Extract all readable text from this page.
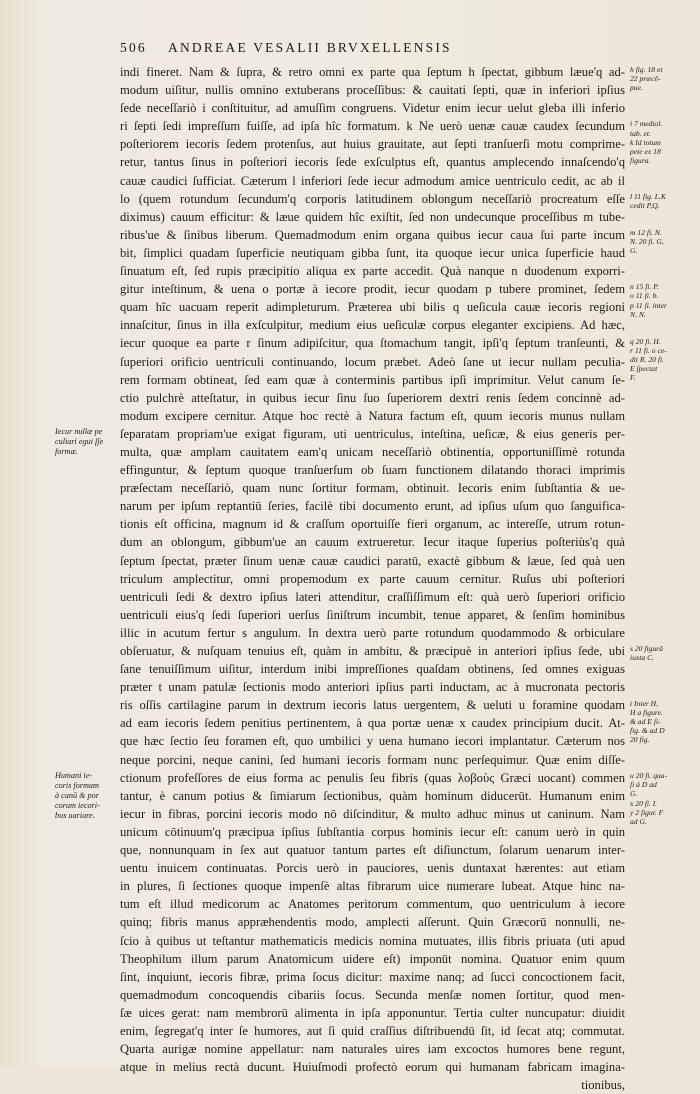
506 ANDREAE VESALII BRVXELLENSIS
indi fineret. Nam & ſupra, & retro omni ex parte qua ſeptum h ſpectat, gibbum læue'q ad-
modum uiſitur, nullis omnino extuberans proceſſibus: & cauitati ſepti, quæ in inferiori ipſius
ſede neceſſariò i conſtituitur, ad amuſſim congruens. Videtur enim iecur uelut gleba illi inferio
ri ſepti ſedi impreſſum fuiſſe, ad ipſa hîc formatum. k Ne uerò uenæ cauæ caudex ſecundum
poſteriorem iecoris ſedem protenſus, aut huius grauitate, aut ſepti tranſuerſi motu comprime-
retur, tantus ſinus in poſteriori iecoris ſede exſculptus eſt, quantus amplecendo innaſcendo'q
cauæ caudici ſufficiat. Cæterum l inferiori ſede iecur admodum amice uentriculo cedit, ac ab il
lo (quem rotundum ſecundum'q corporis latitudinem oblongum neceſſariò procreatum eſſe
diximus) cauum efficitur: & læue quidem hîc exiſtit, ſed non undecunque proceſſibus m tube-
ribus'ue & ſinibus liberum. Quemadmodum enim organa quibus iecur caua ſui parte incum
bit, ſimplici quadam ſuperficie neutiquam gibba ſunt, ita quoque iecur unica ſuperficie haud
ſinuatum eſt, ſed rupis præcipitio aliqua ex parte accedit. Quà nanque n duodenum exporri-
gitur inteſtinum, & uena o portæ à iecore prodit, iecur quodam p tubere prominet, ſedem
quam hîc uacuam reperit adimpleturum. Præterea ubi bilis q ueſicula cauæ iecoris regioni
innaſcitur, ſinus in illa exſculpitur, medium eius ueſiculæ corpus eleganter excipiens. Ad hæc,
iecur quoque ea parte r ſinum adipiſcitur, qua ſtomachum tangit, ipſi'q ſeptum tranſeunti, &
ſuperiori orificio uentriculi continuando, locum præbet. Adeò ſane ut iecur nullam peculia-
rem formam obtineat, ſed eam quæ à conterminis partibus ipſi imprimitur. Velut canum ſe-
ctio pulchrè atteſtatur, in quibus iecur ſinu ſuo ſuperiorem dextri renis ſedem concinnè ad-
modum excipere cernitur. Atque hoc rectè à Natura factum eſt, quum iecoris munus nullam
ſeparatam propriam'ue exigat figuram, uti uentriculus, inteſtina, ueſicæ, & eius generis per-
multa, quæ amplam cauitatem eam'q unicam neceſſariò obtinentia, opportuniſſimè rotunda
effinguntur, & ſeptum quoque tranſuerſum ob ſuam functionem dilatando thoraci imprimis
præſectam neceſſariò, quam nunc ſortitur formam, obtinuit. Iecoris enim ſubſtantia & ue-
narum per ipſum reptantiū ſeries, facilè tibi documento erunt, ad ipſius uſum quo ſanguifica-
tionis eſt officina, magnum id & craſſum oportuiſſe fieri organum, ac intereſſe, utrum rotun-
dum an oblongum, gibbum'ue an cauum extrueretur. Iecur itaque ſuperius poſteriùs'q quà
ſeptum ſpectat, præter ſinum uenæ cauæ caudici paratū, exactè gibbum & læue, ſed quà uen
triculum amplectitur, omni propemodum ex parte cauum cernitur. Ruſus ubi poſteriori
uentriculi ſedi & dextro ipſius lateri attenditur, craſſiſſimum eſt: quà uerò ſuperiori orificio
uentriculi eius'q ſedi ſuperiori uerſus ſiniſtrum incumbit, tenue apparet, & ſenſim hominibus
illic in acutum fertur s angulum. In dextra uerò parte rotundum quodammodo & orbiculare
obſeruatur, & nuſquam tenuius eſt, quàm in ambitu, & præcipuè in anteriori ipſius ſede, ubi
ſane tenuiſſimum uiſitur, interdum inibi impreſſiones quaſdam obtinens, ſed omnes exiguas
præter t unam patulæ ſectionis modo anteriori ipſius parti inductam, ac à mucronata pectoris
ris oſſis cartilagine parum in dextrum iecoris latus uergentem, & ueluti u foramine quodam
ad eam iecoris ſedem penitius pertinentem, à qua portæ uenæ x caudex principium ducit. At-
que hæc ſectio ſeu foramen eſt, quo umbilici y uena humano iecori implantatur. Cæterum nos
neque porcini, neque canini, ſed humani iecoris formam nunc perſequimur. Quæ enim diſſe-
ctionum profeſſores de eius forma ac penulis ſeu fibris (quas λοβοὺς Græci uocant) commen
tantur, è canum potius & ſimiarum ſectionibus, quàm hominum diducerūt. Humanum enim
iecur in fibras, porcini iecoris modo nō diſcinditur, & multo adhuc minus ut caninum. Nam
unicum cōtinuum'q præcipua ipſius ſubſtantia corpus hominis iecur eſt: canum uerò in quin
que, nonnunquam in ſex aut quatuor tantum partes eſt diſiunctum, ſolarum uenarum inter-
uentu inuicem continuatas. Porcis uerò in pauciores, uenis duntaxat hærentes: aut etiam
in plures, ſi ſectiones quoque impenſè altas fibrarum uice numerare lubeat. Atque hinc na-
tum eſt illud medicorum ac Anatomes peritorum commentum, quo uentriculum à iecore
quinq; fibris manus appræhendentis modo, amplecti aſſerunt. Quin Græcorū nonnulli, ne-
ſcio à quibus ut teſtantur mathematicis medicis nomina mutuates, illis fibris priuata (uti apud
Theophilum illum parum Anatomicum uidere eſt) imponūt nomina. Quatuor enim quum
ſint, inquiunt, iecoris fibræ, prima ſocus dicitur: maxime nanq; ad ſucci concoctionem facit,
quemadmodum concoquendis cibariis ſocus. Secunda menſæ nomen ſortitur, quod men-
ſæ uices gerat: nam membrorū alimenta in ipſa apponuntur. Tertia culter nuncupatur: diuidit
enim, ſegregat'q inter ſe humores, aut ſi quid craſſius diſtribuendū ſit, id ſecat atq; commutat.
Quarta aurigæ nomine appellatur: nam naturales uires iam excoctos humores bene regunt,
atque in melius rectà ducunt. Huiuſmodi profectò eorum qui humanam fabricam imagina-
tionibus,
Iecur nullæ pe
culiari egui ſſe
formæ.
Humani ie-
coris formam
à canū & por
corum iecori-
bus uariare.
h fig. 18 et
22 præcē-
pue.
i 7 mediol.
tab. et.
k Id totum
pete ex 18
figura.
l 11 fig. L.K
cedit P,Q.
m 12 fi. N.
N. 20 fi. G,
G.
n 15 fi. P.
o 11 fi. b.
p 11 fi. inter
N, N.
q 20 fi. H.
r 11 fi. o ce-
dit R. 20 fi.
E ſpectat
F.
s 20 figurā
iuxta C.
t Inter H,
H a figure.
& ad E ſi-
fig. & ad D
20 fig.
u 20 fi. qua-
ſi à D ad
G.
x 20 fi. I.
y 2 figur. F
ad G.
